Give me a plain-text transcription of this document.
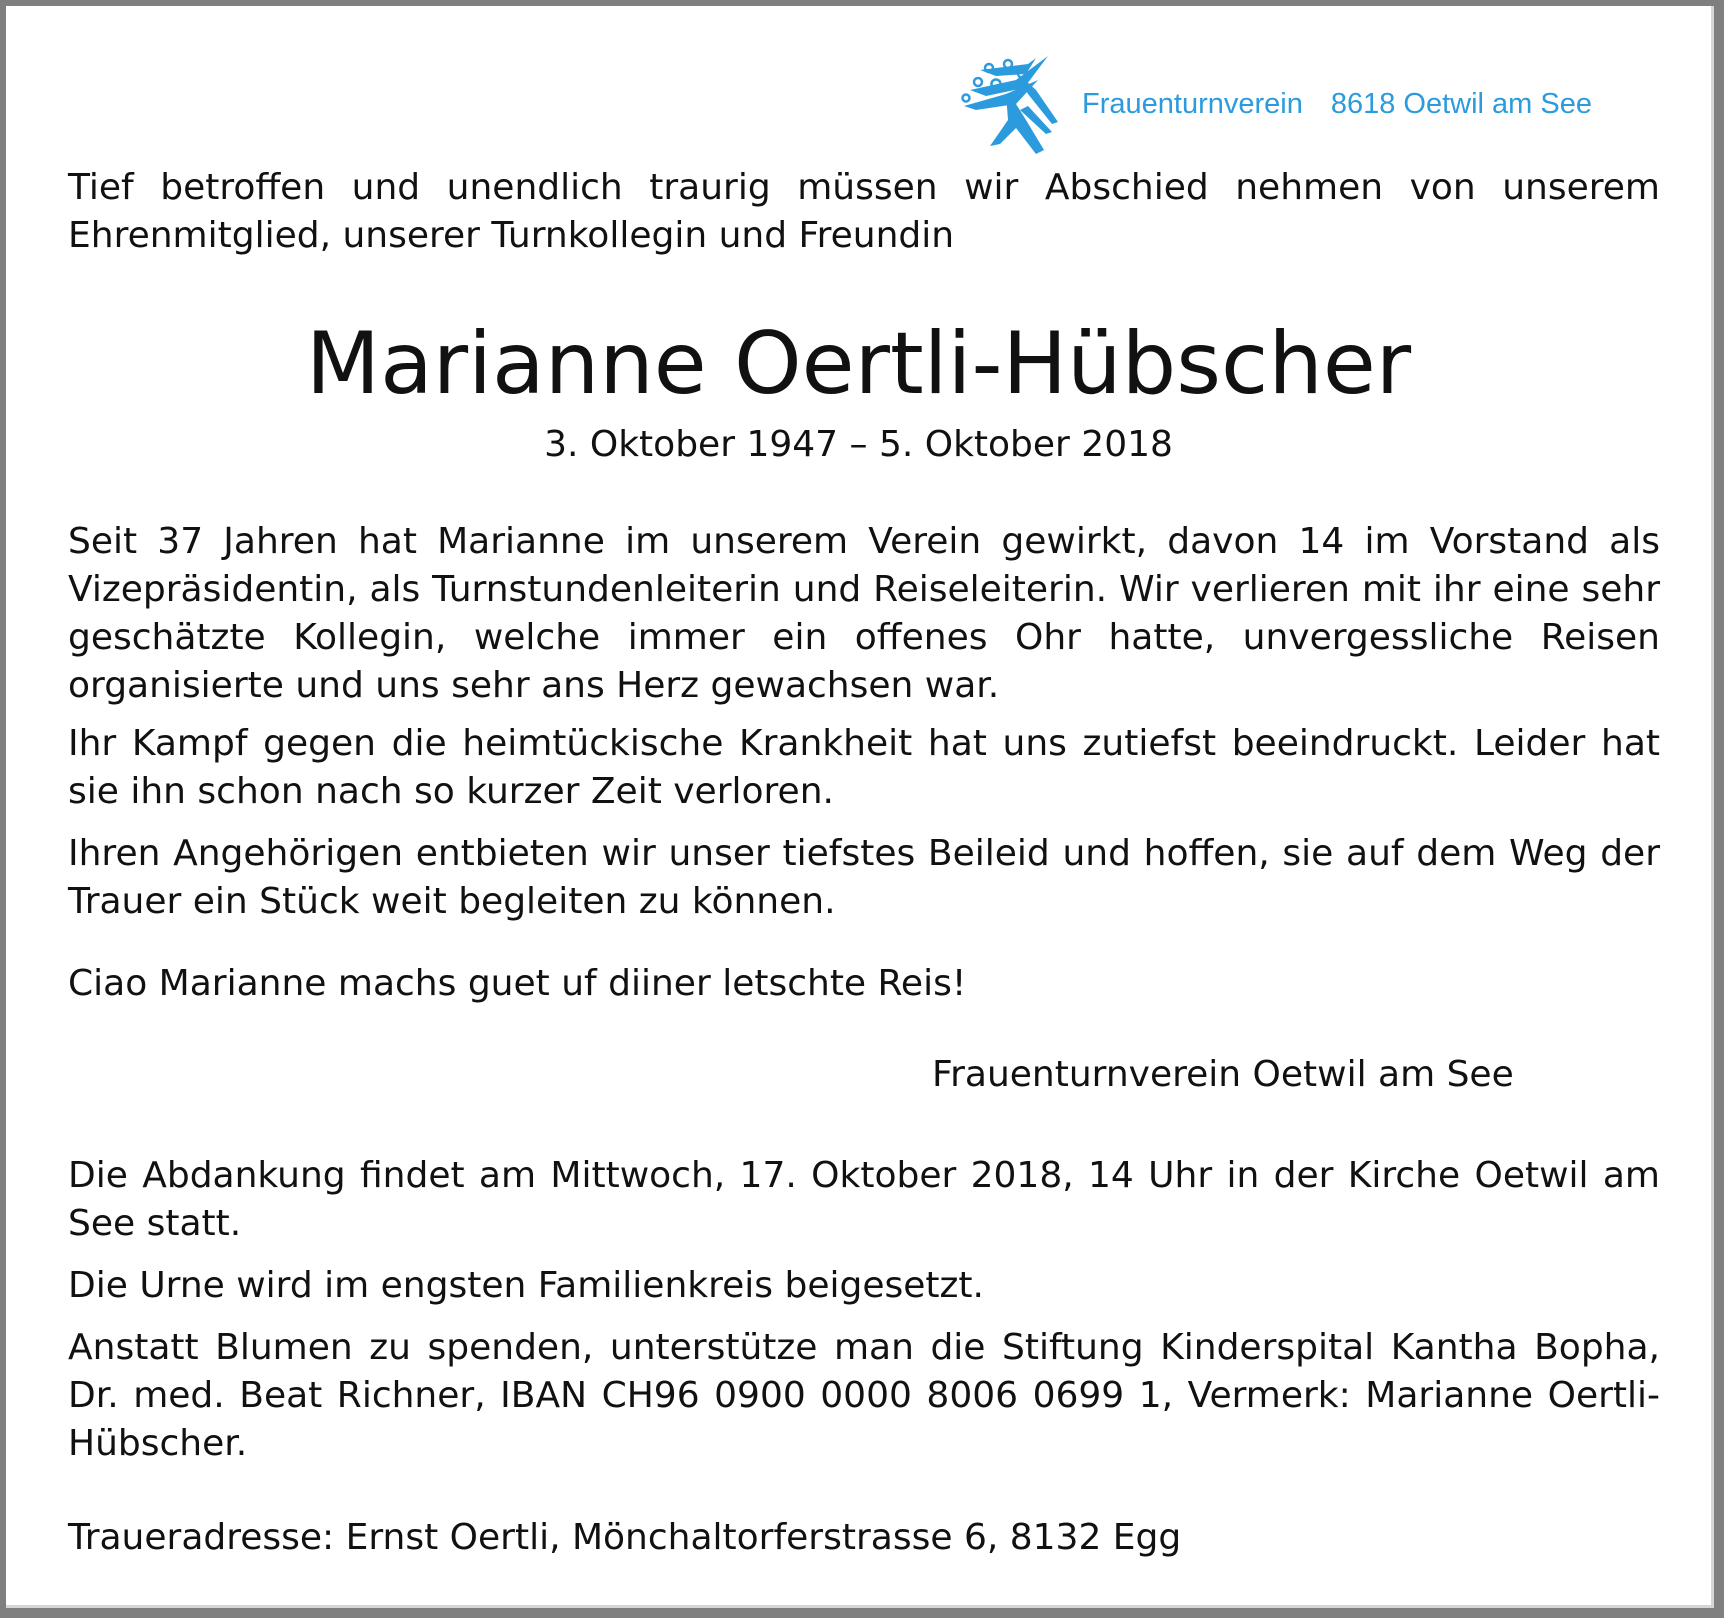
Frauenturnverein 8618 Oetwil am See
Tief betroffen und unendlich traurig müssen wir Abschied nehmen von unserem Ehrenmitglied, unserer Turnkollegin und Freundin
Marianne Oertli-Hübscher
3. Oktober 1947 – 5. Oktober 2018
Seit 37 Jahren hat Marianne im unserem Verein gewirkt, davon 14 im Vorstand als Vizepräsidentin, als Turnstundenleiterin und Reiseleiterin. Wir verlieren mit ihr eine sehr geschätzte Kollegin, welche immer ein offenes Ohr hatte, unvergessliche Reisen organisierte und uns sehr ans Herz gewachsen war.
Ihr Kampf gegen die heimtückische Krankheit hat uns zutiefst beeindruckt. Leider hat sie ihn schon nach so kurzer Zeit verloren.
Ihren Angehörigen entbieten wir unser tiefstes Beileid und hoffen, sie auf dem Weg der Trauer ein Stück weit begleiten zu können.
Ciao Marianne machs guet uf diiner letschte Reis!
Frauenturnverein Oetwil am See
Die Abdankung findet am Mittwoch, 17. Oktober 2018, 14 Uhr in der Kirche Oetwil am See statt.
Die Urne wird im engsten Familienkreis beigesetzt.
Anstatt Blumen zu spenden, unterstütze man die Stiftung Kinderspital Kantha Bopha, Dr. med. Beat Richner, IBAN CH96 0900 0000 8006 0699 1, Vermerk: Marianne Oertli-Hübscher.
Traueradresse: Ernst Oertli, Mönchaltorferstrasse 6, 8132 Egg
